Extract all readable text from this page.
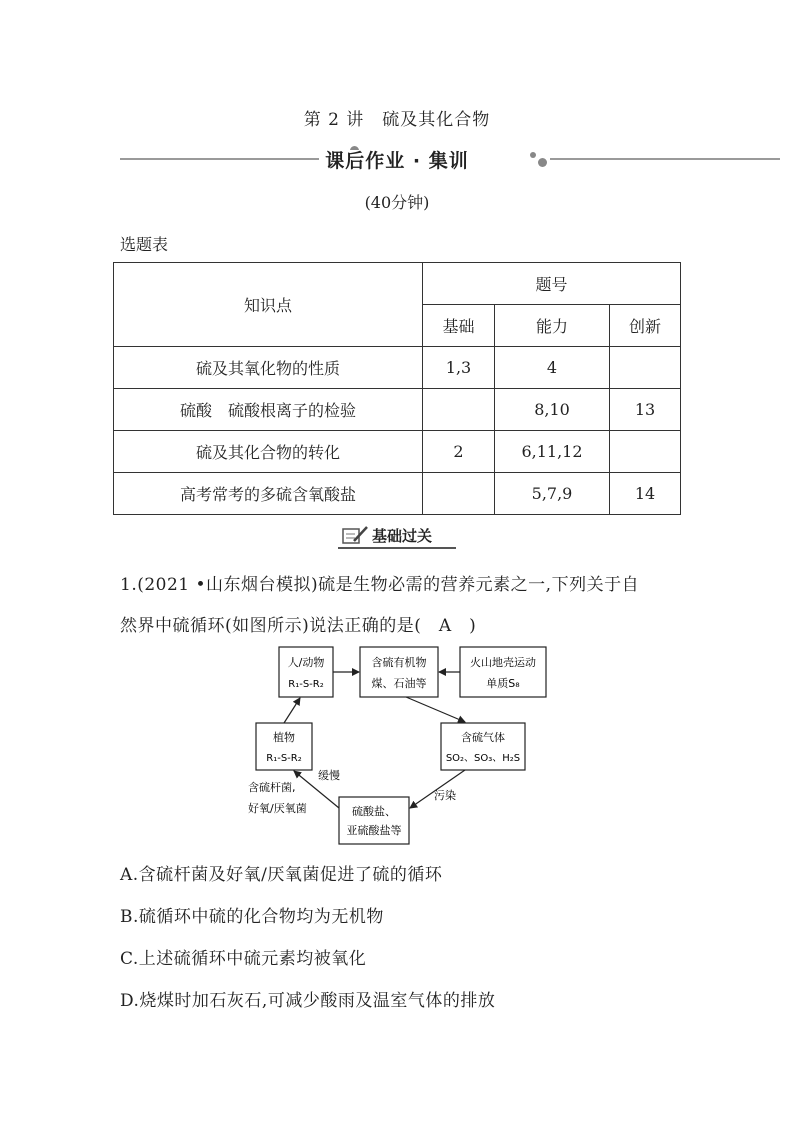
第 2 讲　硫及其化合物
课后作业 · 集训
(40分钟)
选题表
知识点	题号		
	基础	能力	创新
硫及其氧化物的性质	1,3	4	
硫酸　硫酸根离子的检验		8,10	13
硫及其化合物的转化	2	6,11,12	
高考常考的多硫含氧酸盐		5,7,9	14
基础过关
1.(2021 •山东烟台模拟)硫是生物必需的营养元素之一,下列关于自
然界中硫循环(如图所示)说法正确的是(　A　)
人/动物
R₁-S-R₂
含硫有机物
煤、石油等
火山地壳运动
单质S₈
植物
R₁-S-R₂
含硫气体
SO₂、SO₃、H₂S
硫酸盐、
亚硫酸盐等
含硫杆菌,
好氧/厌氧菌
缓慢
污染
A.含硫杆菌及好氧/厌氧菌促进了硫的循环
B.硫循环中硫的化合物均为无机物
C.上述硫循环中硫元素均被氧化
D.烧煤时加石灰石,可减少酸雨及温室气体的排放
